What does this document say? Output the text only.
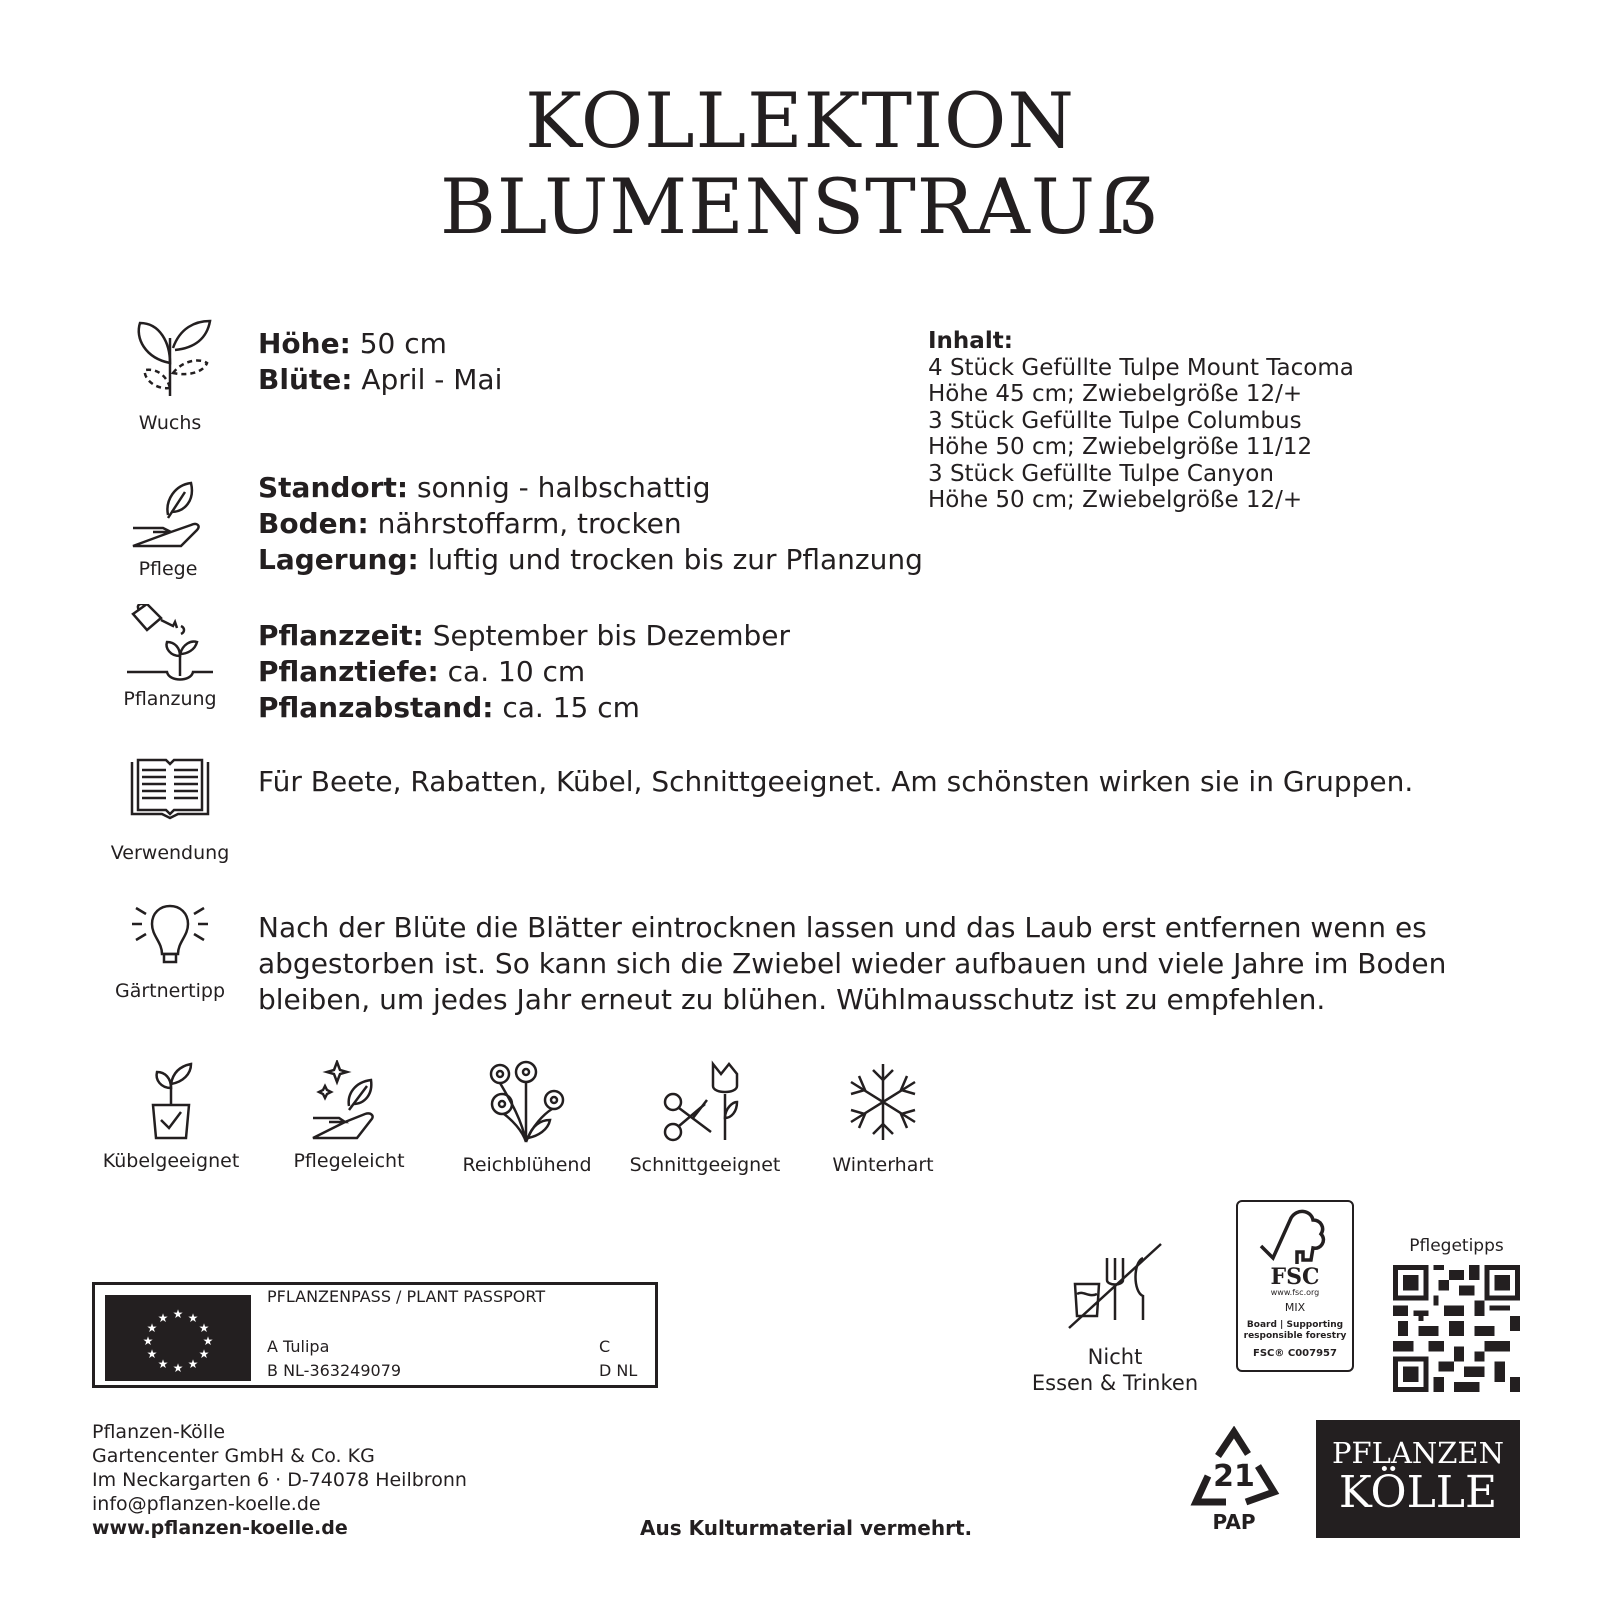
KOLLEKTION
BLUMENSTRAUẞ
Wuchs
Höhe: 50 cm
Blüte: April - Mai
Pflege
Standort: sonnig - halbschattig
Boden: nährstoffarm, trocken
Lagerung: luftig und trocken bis zur Pflanzung
Pflanzung
Pflanzzeit: September bis Dezember
Pflanztiefe: ca. 10 cm
Pflanzabstand: ca. 15 cm
Verwendung
Für Beete, Rabatten, Kübel, Schnittgeeignet. Am schönsten wirken sie in Gruppen.
Gärtnertipp
Nach der Blüte die Blätter eintrocknen lassen und das Laub erst entfernen wenn es
abgestorben ist. So kann sich die Zwiebel wieder aufbauen und viele Jahre im Boden
bleiben, um jedes Jahr erneut zu blühen. Wühlmausschutz ist zu empfehlen.
Inhalt:
4 Stück Gefüllte Tulpe Mount Tacoma
Höhe 45 cm; Zwiebelgröße 12/+
3 Stück Gefüllte Tulpe Columbus
Höhe 50 cm; Zwiebelgröße 11/12
3 Stück Gefüllte Tulpe Canyon
Höhe 50 cm; Zwiebelgröße 12/+
Kübelgeeignet	Pflegeleicht	Reichblühend	Schnittgeeignet	Winterhart
★ ★
★
★
★
★
★
★
★
★
★
★
PFLANZENPASS / PLANT PASSPORT
A Tulipa
B NL-363249079
C
D NL
Nicht
Essen & Trinken
FSC
www.fsc.org
MIX
Board | Supporting
responsible forestry
FSC® C007957
Pflegetipps
Pflanzen-Kölle
Gartencenter GmbH & Co. KG
Im Neckargarten 6 · D-74078 Heilbronn
info@pflanzen-koelle.de
www.pflanzen-koelle.de	Aus Kulturmaterial vermehrt.
21
PAP
PFLANZEN
KÖLLE
